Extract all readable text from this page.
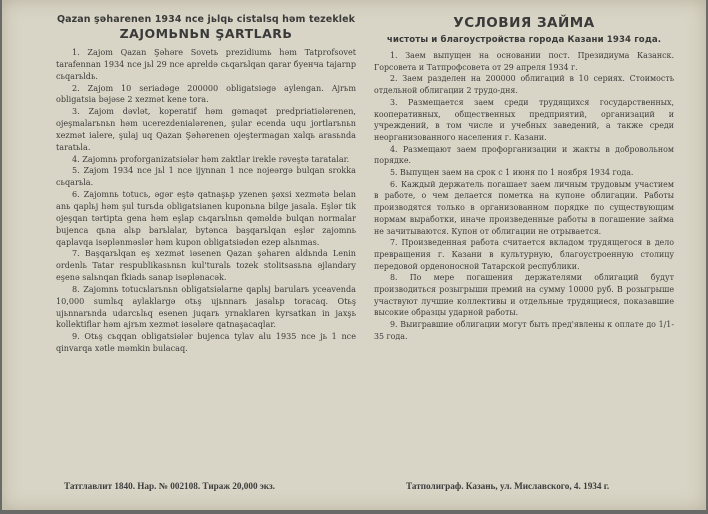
Qazan şəharenen 1934 nce jьlqь cistalsq həm tezeklek
ZAJOMЬNЬN ŞARTLARЬ

1. Zajom Qazan Şəhəre Sovetь prezidiumь həm Tatprofsovet tarafennan 1934 nce jьl 29 nce apreldə cьqarьlqan qarar буенча tajarnp cьqarьldь.

2. Zajom 10 seriadəge 200000 obligatsiəgə aylengan. Ajrьm obligatsia bəjəse 2 xezmət kene tora.

3. Zajom dəvlət, koperatif həm gəmaqət predpriatiələrenen, ojeşmalarьnьn həm ucerezdenialərenen, şular ecenda uqu jortlarьnьn xezmət ialere, şulaj uq Qazan Şəhərenen ojeştermagan xalqь arasьnda taratьla.

4. Zajomnь proforganizatsiələr həm zaktlar irekle rəveştə taratalar.

5. Zajom 1934 nce jьl 1 nce ijynnan 1 nce nojeərgə bulqan srokka cьqarьla.

6. Zajomnь totucь, əgər eştə qatnaşьp yzenen şəxsi xezmətə belan anь qaplьj həm şul turьda obligatsianen kuponьna bilge jasala. Eşlər tik ojeşqan tərtipta gena həm eşlap cьqarьlnьn qəməldə bulqan normalar bujenca qьna alьp barьlalar, bytənca başqarьlqan eşlər zajomnь qaplavqa isəplənməslər həm kupon obligatsiədən ezep alьnmas.

7. Başqarьlqan eş xezmət iəsenen Qazan şəharen aldьnda Lenin ordenlь Tatar respublikasьnьn kul'turalь tozek stolitsasьna əjlandary eşenə salьnqan fkiadь sanap isəplənacək.

8. Zajomnь totucьlarьnьn obligatsiəlarne qaplьj barularь yceavenda 10,000 sumlьq aylaklargə otьş ujьnnarь jasalьp toracaq. Otьş ujьnnarьnda udarcьlьq esenen juqarь yrnaklaren kyrsatkan in jaxşь kollektiflar həm ajrьm xezmət iəsələre qatnaşacaqlar.

9. Otьş cьqqan obligatsiələr bujenca tylav alu 1935 nce jь 1 nce qinvarqa xətle məmkin bulacaq.

УСЛОВИЯ ЗАЙМА
чистоты и благоустройства города Казани 1934 года.

1. Заем выпущен на основании пост. Президиума Казанск. Горсовета и Татпрофсовета от 29 апреля 1934 г.

2. Заем разделен на 200000 облигаций в 10 сериях. Стоимость отдельной облигации 2 трудо-дня.

3. Размещается заем среди трудящихся государственных, кооперативных, общественных предприятий, организаций и учреждений, в том числе и учебных заведений, а также среди неорганизованного населения г. Казани.

4. Размещают заем профорганизации и жакты в добровольном порядке.

5. Выпущен заем на срок с 1 июня по 1 ноября 1934 года.

6. Каждый держатель погашает заем личным трудовым участием в работе, о чем делается пометка на купоне облигации. Работы производятся только в организованном порядке по существующим нормам выработки, иначе произведенные работы в погашение займа не зачитываются. Купон от облигации не отрывается.

7. Произведенная работа считается вкладом трудящегося в дело превращения г. Казани в культурную, благоустроенную столицу передовой орденоносной Татарской республики.

8. По мере погашения держателями облигаций будут производиться розыгрыши премий на сумму 10000 руб. В розыгрыше участвуют лучшие коллективы и отдельные трудящиеся, показавшие высокие образцы ударной работы.

9. Выигравшие облигации могут быть пред'явлены к оплате до 1/1-35 года.

Татглавлит 1840. Нар. № 002108. Тираж 20,000 экз.	Татполиграф. Казань, ул. Миславского, 4. 1934 г.
